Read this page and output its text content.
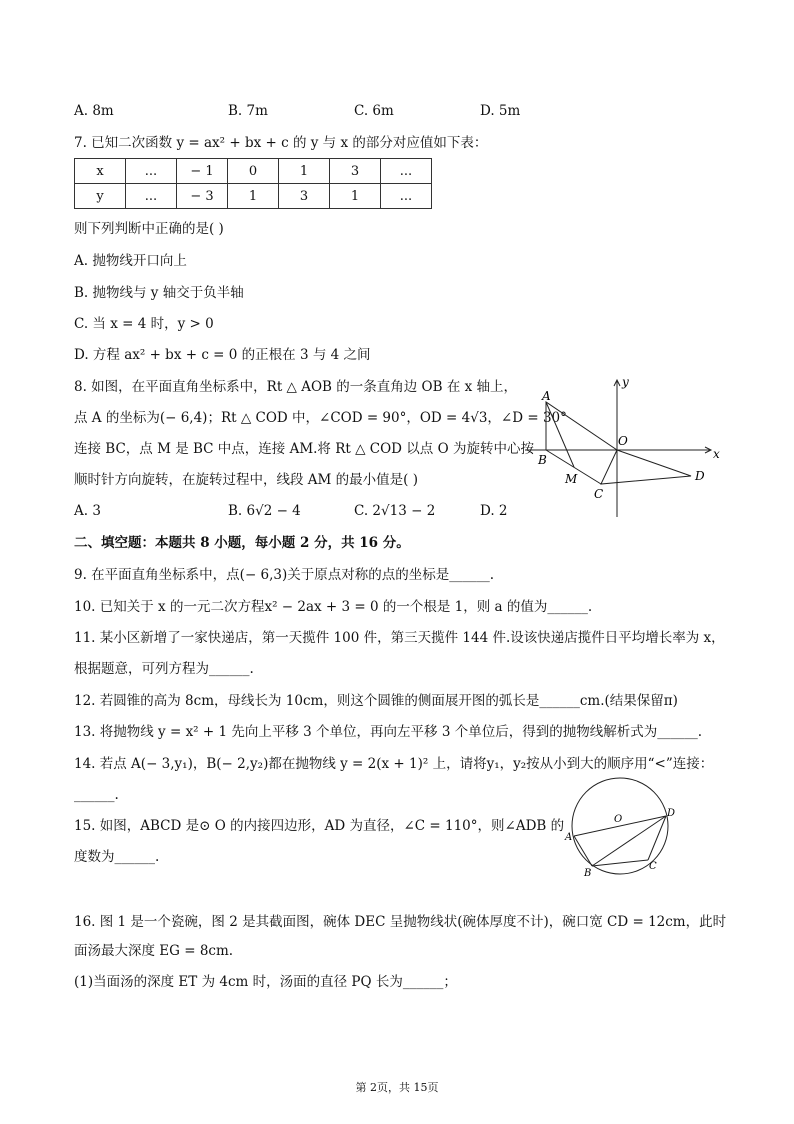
A. 8m	B. 7m	C. 6m	D. 5m
7. 已知二次函数 y = ax² + bx + c 的 y 与 x 的部分对应值如下表：
x	...	− 1	0	1	3	...
y	...	− 3	1	3	1	...
则下列判断中正确的是( )
A. 抛物线开口向上
B. 抛物线与 y 轴交于负半轴
C. 当 x = 4 时，y > 0
D. 方程 ax² + bx + c = 0 的正根在 3 与 4 之间
8. 如图，在平面直角坐标系中，Rt △ AOB 的一条直角边 OB 在 x 轴上，
点 A 的坐标为(− 6,4)；Rt △ COD 中，∠COD = 90°，OD = 4√3，∠D = 30°
连接 BC，点 M 是 BC 中点，连接 AM.将 Rt △ COD 以点 O 为旋转中心按
顺时针方向旋转，在旋转过程中，线段 AM 的最小值是( )
A. 3	B. 6√2 − 4	C. 2√13 − 2	D. 2
A
B
O
M
C
D
x
y
二、填空题：本题共 8 小题，每小题 2 分，共 16 分。
9. 在平面直角坐标系中，点(− 6,3)关于原点对称的点的坐标是______.
10. 已知关于 x 的一元二次方程x² − 2ax + 3 = 0 的一个根是 1，则 a 的值为______.
11. 某小区新增了一家快递店，第一天揽件 100 件，第三天揽件 144 件.设该快递店揽件日平均增长率为 x，
根据题意，可列方程为______.
12. 若圆锥的高为 8cm，母线长为 10cm，则这个圆锥的侧面展开图的弧长是______cm.(结果保留π)
13. 将抛物线 y = x² + 1 先向上平移 3 个单位，再向左平移 3 个单位后，得到的抛物线解析式为______.
14. 若点 A(− 3,y₁)，B(− 2,y₂)都在抛物线 y = 2(x + 1)² 上，请将y₁，y₂按从小到大的顺序用“<”连接：
______.
15. 如图，ABCD 是⊙ O 的内接四边形，AD 为直径，∠C = 110°，则∠ADB 的
度数为______.
O
A
B
C
D
16. 图 1 是一个瓷碗，图 2 是其截面图，碗体 DEC 呈抛物线状(碗体厚度不计)，碗口宽 CD = 12cm，此时
面汤最大深度 EG = 8cm.
(1)当面汤的深度 ET 为 4cm 时，汤面的直径 PQ 长为______；
第 2页，共 15页
